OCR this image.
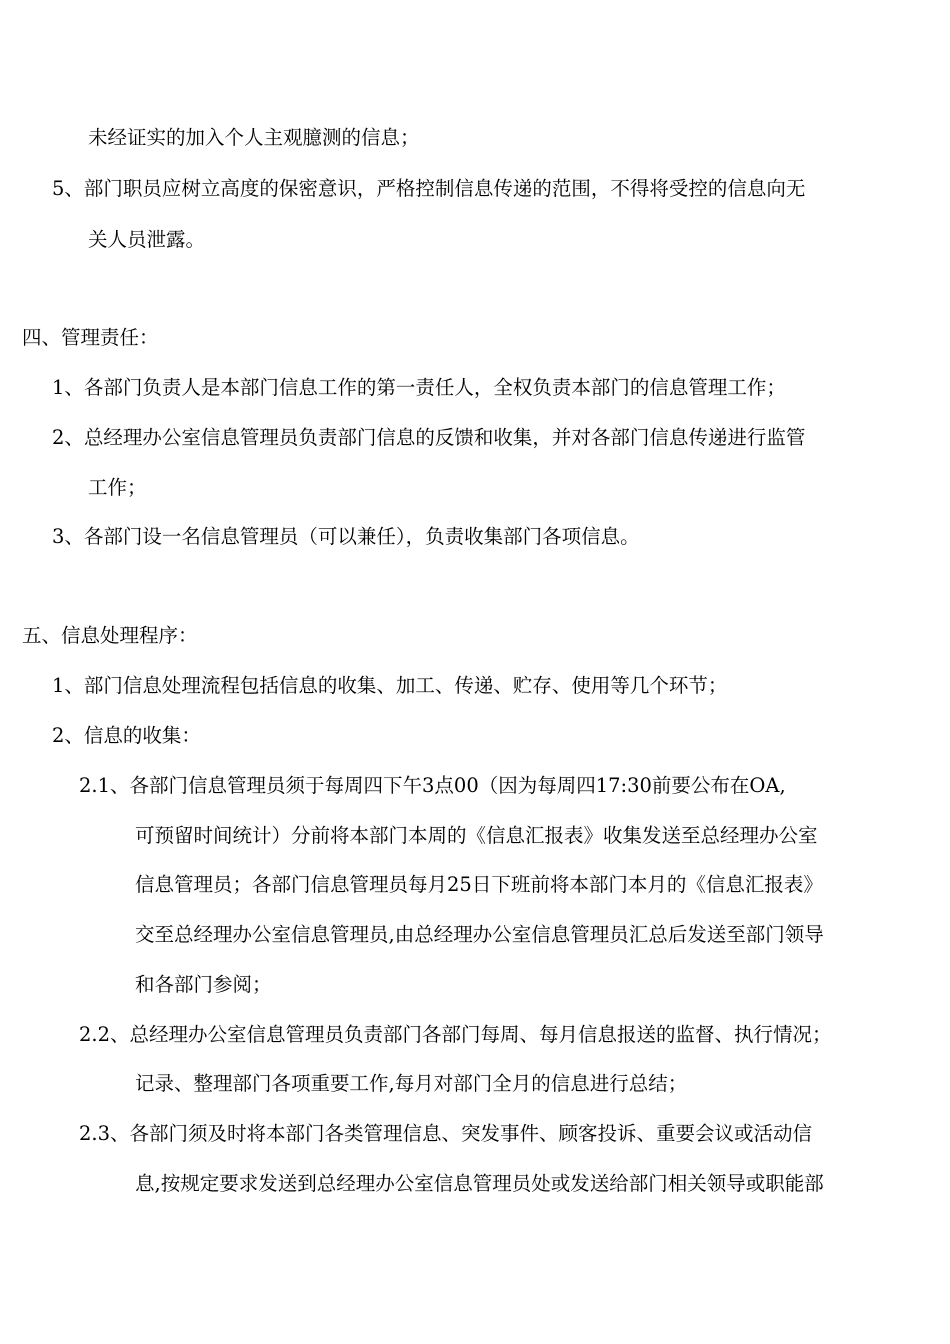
未经证实的加入个人主观臆测的信息；
5、部门职员应树立高度的保密意识，严格控制信息传递的范围，不得将受控的信息向无
关人员泄露。
四、管理责任：
1、各部门负责人是本部门信息工作的第一责任人，全权负责本部门的信息管理工作；
2、总经理办公室信息管理员负责部门信息的反馈和收集，并对各部门信息传递进行监管
工作；
3、各部门设一名信息管理员（可以兼任），负责收集部门各项信息。
五、信息处理程序：
1、部门信息处理流程包括信息的收集、加工、传递、贮存、使用等几个环节；
2、信息的收集：
2.1、各部门信息管理员须于每周四下午3点00（因为每周四17:30前要公布在OA,
可预留时间统计）分前将本部门本周的《信息汇报表》收集发送至总经理办公室
信息管理员；各部门信息管理员每月25日下班前将本部门本月的《信息汇报表》
交至总经理办公室信息管理员,由总经理办公室信息管理员汇总后发送至部门领导
和各部门参阅；
2.2、总经理办公室信息管理员负责部门各部门每周、每月信息报送的监督、执行情况；
记录、整理部门各项重要工作,每月对部门全月的信息进行总结；
2.3、各部门须及时将本部门各类管理信息、突发事件、顾客投诉、重要会议或活动信
息,按规定要求发送到总经理办公室信息管理员处或发送给部门相关领导或职能部
